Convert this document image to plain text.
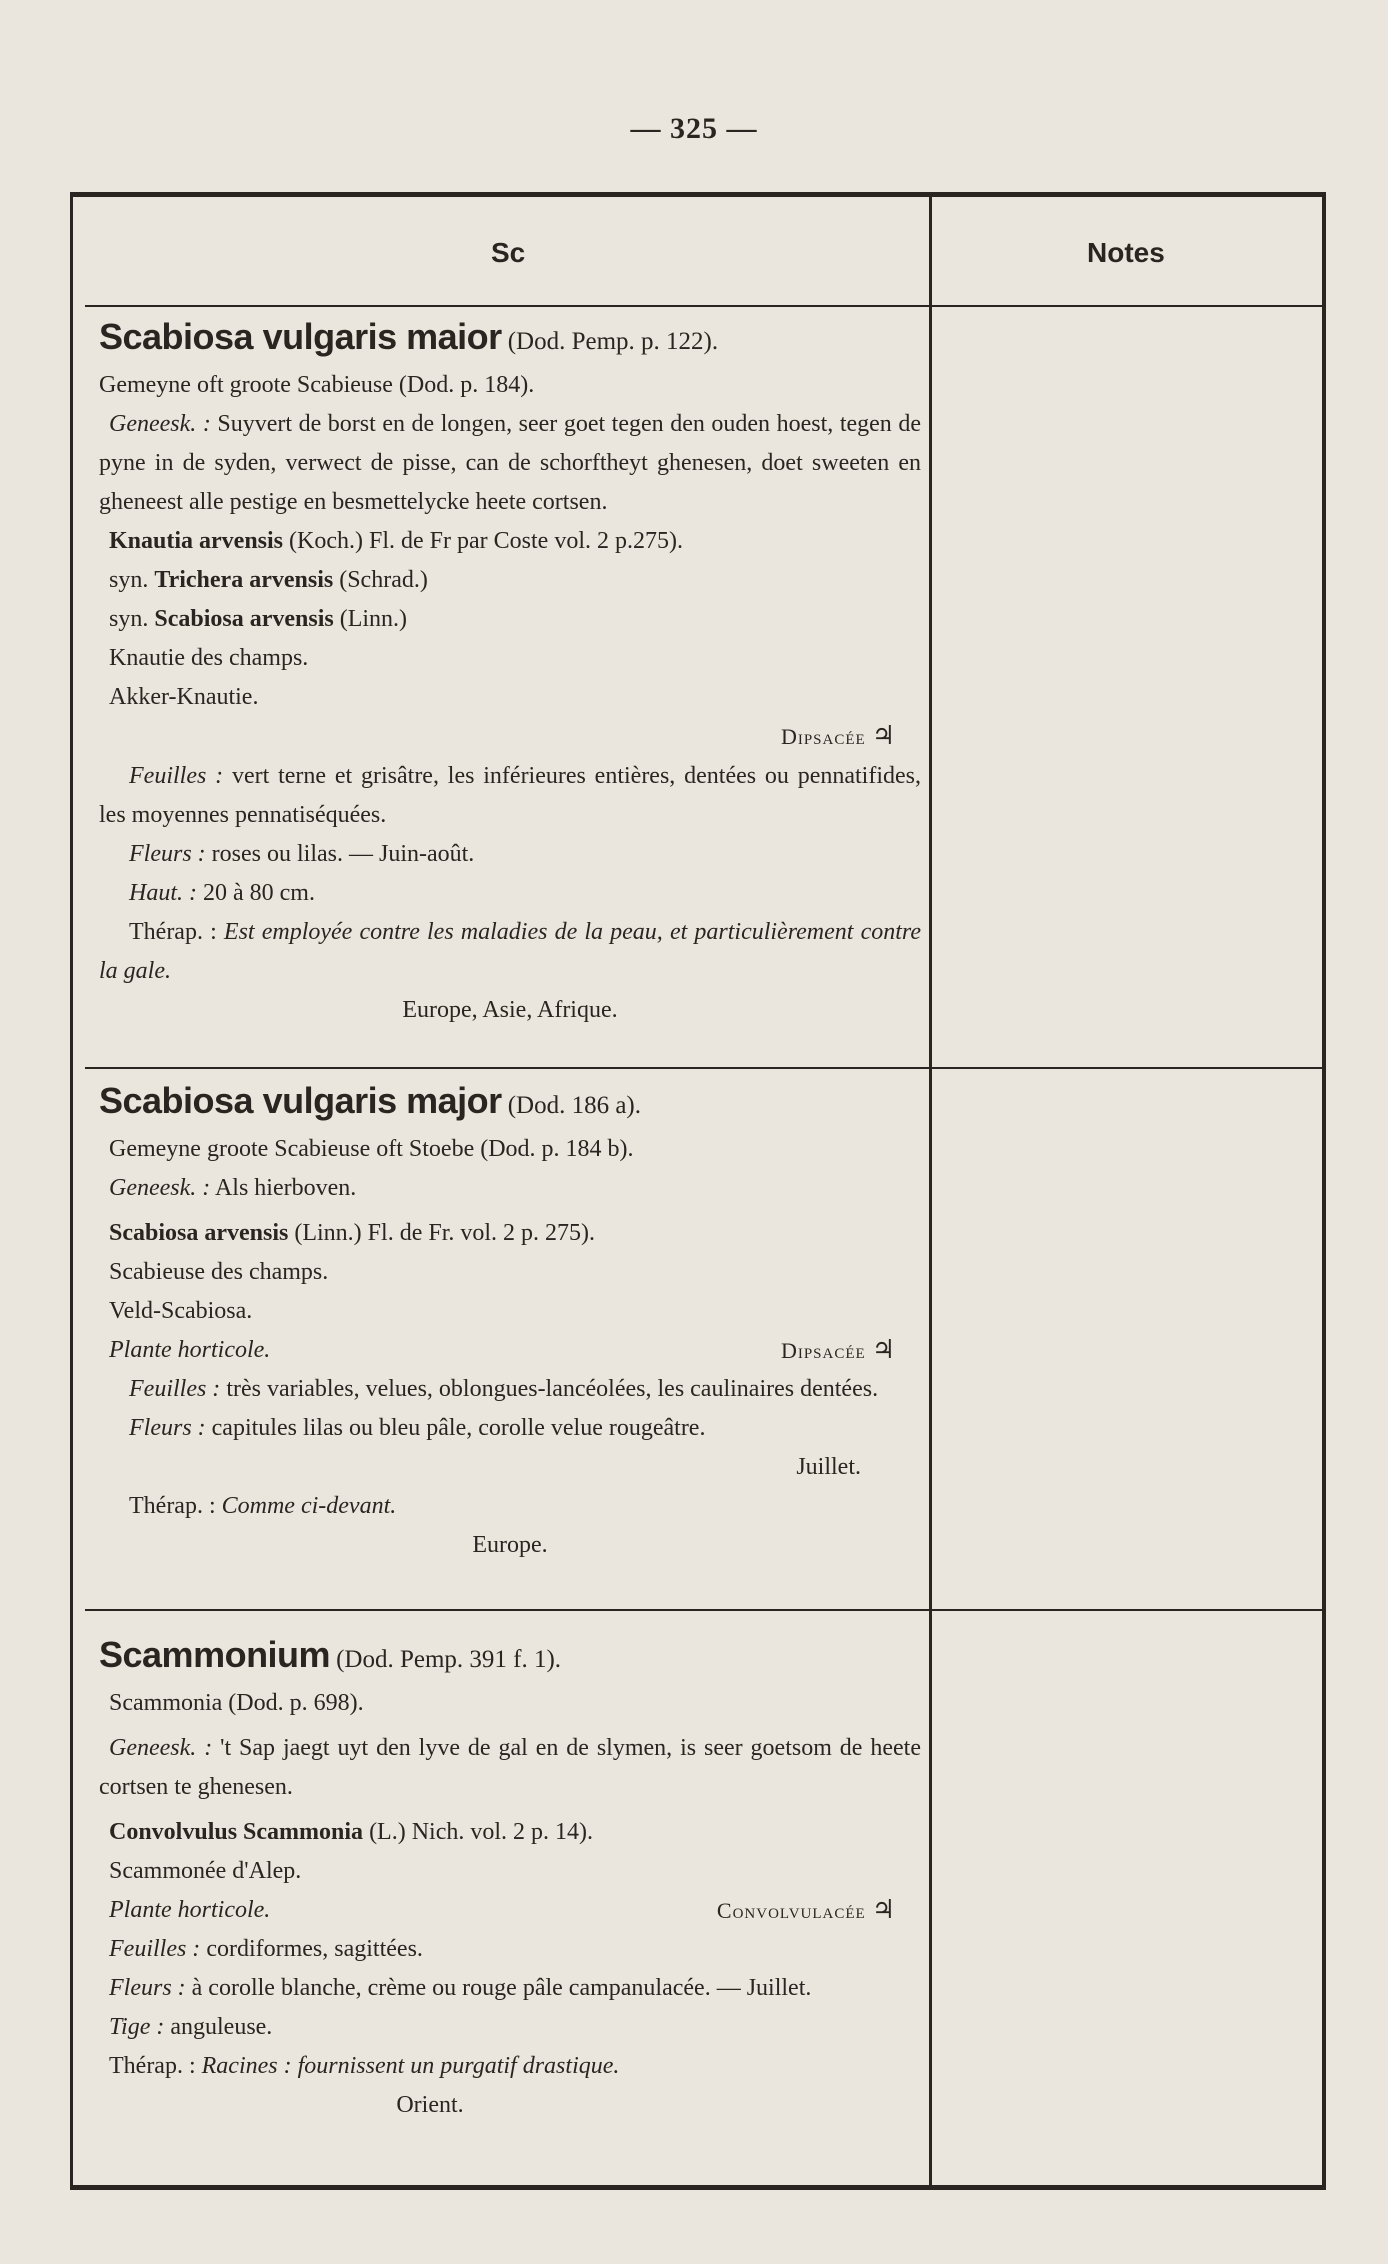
— 325 —
Sc	Notes
Scabiosa vulgaris maior (Dod. Pemp. p. 122).
Gemeyne oft groote Scabieuse (Dod. p. 184).
Geneesk. : Suyvert de borst en de longen, seer goet tegen den ouden hoest, tegen de pyne in de syden, verwect de pisse, can de schorftheyt ghenesen, doet sweeten en gheneest alle pestige en besmettelycke heete cortsen.
Knautia arvensis (Koch.) Fl. de Fr par Coste vol. 2 p.275).
syn. Trichera arvensis (Schrad.)
syn. Scabiosa arvensis (Linn.)
Knautie des champs.
Akker-Knautie.
Dipsacée ♃
Feuilles : vert terne et grisâtre, les inférieures entières, dentées ou pennatifides, les moyennes pennatiséquées.
Fleurs : roses ou lilas. — Juin-août.
Haut. : 20 à 80 cm.
Thérap. : Est employée contre les maladies de la peau, et particulièrement contre la gale.
Europe, Asie, Afrique.
Scabiosa vulgaris major (Dod. 186 a).
Gemeyne groote Scabieuse oft Stoebe (Dod. p. 184 b).
Geneesk. : Als hierboven.
Scabiosa arvensis (Linn.) Fl. de Fr. vol. 2 p. 275).
Scabieuse des champs.
Veld-Scabiosa.
Plante horticole.	Dipsacée ♃
Feuilles : très variables, velues, oblongues-lancéolées, les caulinaires dentées.
Fleurs : capitules lilas ou bleu pâle, corolle velue rougeâtre.
Juillet.
Thérap. : Comme ci-devant.
Europe.
Scammonium (Dod. Pemp. 391 f. 1).
Scammonia (Dod. p. 698).
Geneesk. : 't Sap jaegt uyt den lyve de gal en de slymen, is seer goetsom de heete cortsen te ghenesen.
Convolvulus Scammonia (L.) Nich. vol. 2 p. 14).
Scammonée d'Alep.
Plante horticole.	Convolvulacée ♃
Feuilles : cordiformes, sagittées.
Fleurs : à corolle blanche, crème ou rouge pâle campanulacée. — Juillet.
Tige : anguleuse.
Thérap. : Racines : fournissent un purgatif drastique.
Orient.
